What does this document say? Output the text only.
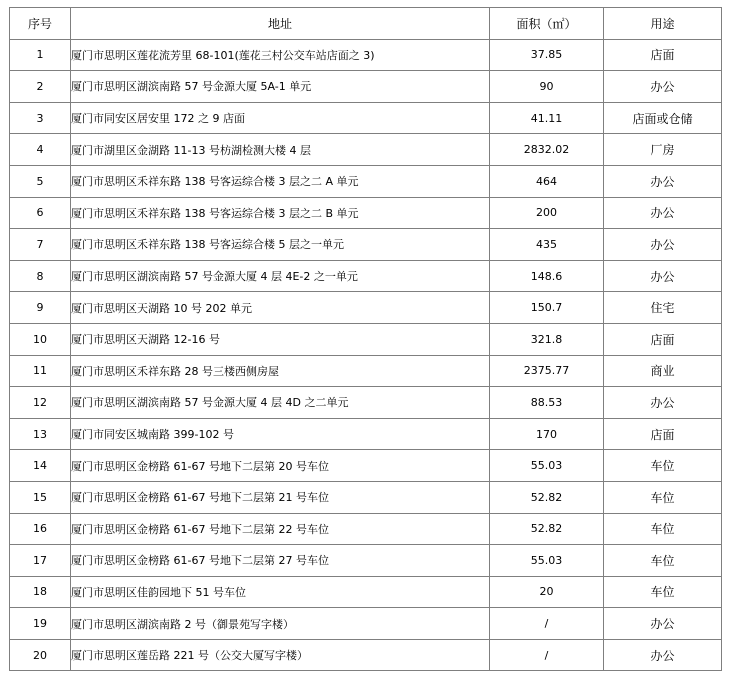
序号	地址	面积（㎡）	用途
1	厦门市思明区莲花流芳里 68-101(莲花三村公交车站店面之 3)	37.85	店面
2	厦门市思明区湖滨南路 57 号金源大厦 5A-1 单元	90	办公
3	厦门市同安区居安里 172 之 9 店面	41.11	店面或仓储
4	厦门市湖里区金湖路 11-13 号枋湖检测大楼 4 层	2832.02	厂房
5	厦门市思明区禾祥东路 138 号客运综合楼 3 层之二 A 单元	464	办公
6	厦门市思明区禾祥东路 138 号客运综合楼 3 层之二 B 单元	200	办公
7	厦门市思明区禾祥东路 138 号客运综合楼 5 层之一单元	435	办公
8	厦门市思明区湖滨南路 57 号金源大厦 4 层 4E-2 之一单元	148.6	办公
9	厦门市思明区天湖路 10 号 202 单元	150.7	住宅
10	厦门市思明区天湖路 12-16 号	321.8	店面
11	厦门市思明区禾祥东路 28 号三楼西侧房屋	2375.77	商业
12	厦门市思明区湖滨南路 57 号金源大厦 4 层 4D 之二单元	88.53	办公
13	厦门市同安区城南路 399-102 号	170	店面
14	厦门市思明区金榜路 61-67 号地下二层第 20 号车位	55.03	车位
15	厦门市思明区金榜路 61-67 号地下二层第 21 号车位	52.82	车位
16	厦门市思明区金榜路 61-67 号地下二层第 22 号车位	52.82	车位
17	厦门市思明区金榜路 61-67 号地下二层第 27 号车位	55.03	车位
18	厦门市思明区佳韵园地下 51 号车位	20	车位
19	厦门市思明区湖滨南路 2 号（御景苑写字楼）	/	办公
20	厦门市思明区莲岳路 221 号（公交大厦写字楼）	/	办公
